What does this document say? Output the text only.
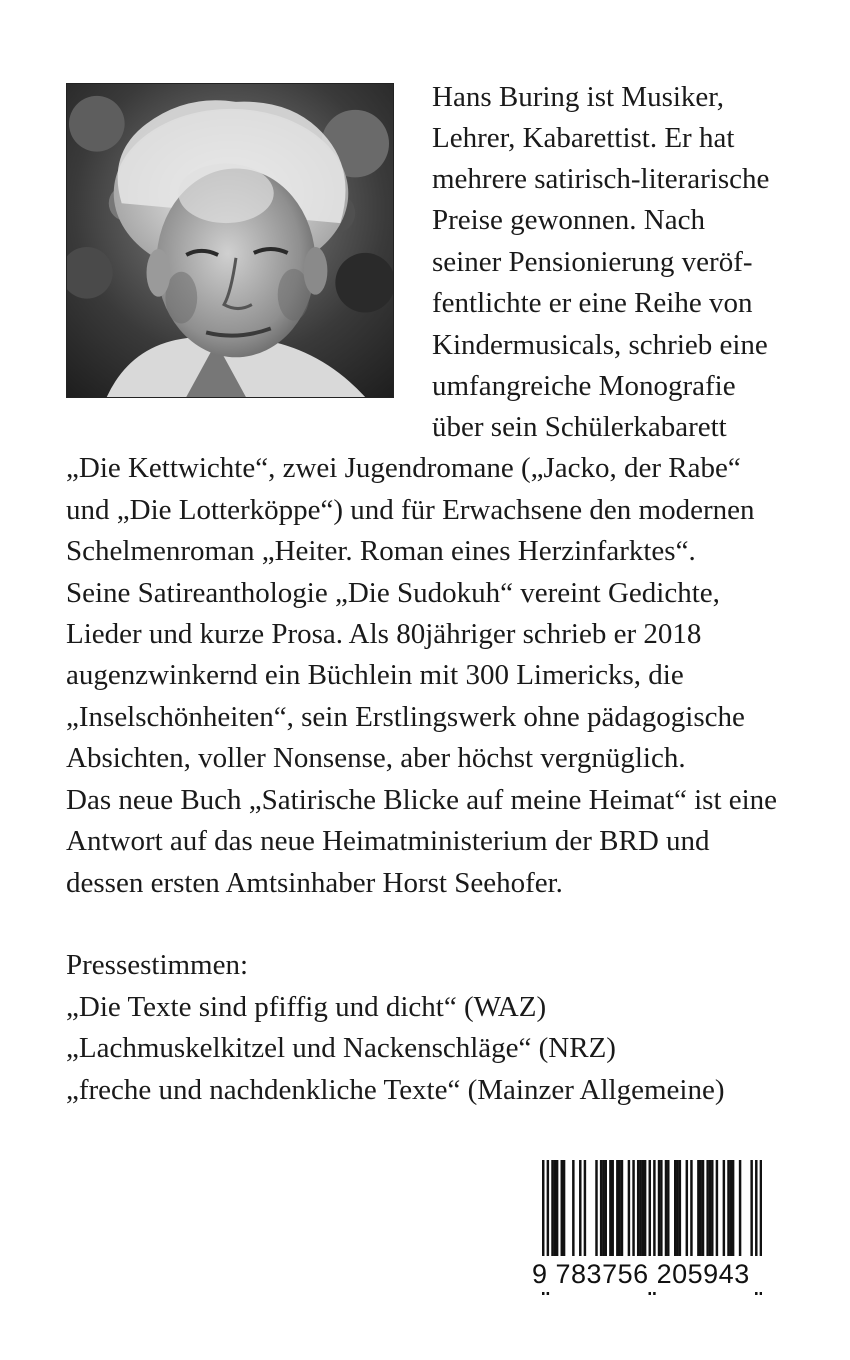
Hans Buring ist Musiker,
Lehrer, Kabarettist. Er hat
mehrere satirisch-literarische
Preise gewonnen. Nach
seiner Pensionierung veröf-
fentlichte er eine Reihe von
Kindermusicals, schrieb eine
umfangreiche Monografie
über sein Schülerkabarett
„Die Kettwichte“, zwei Jugendromane („Jacko, der Rabe“
und „Die Lotterköppe“) und für Erwachsene den modernen
Schelmenroman „Heiter. Roman eines Herzinfarktes“.
Seine Satireanthologie „Die Sudokuh“ vereint Gedichte,
Lieder und kurze Prosa. Als 80jähriger schrieb er 2018
augenzwinkernd ein Büchlein mit 300 Limericks, die
„Inselschönheiten“, sein Erstlingswerk ohne pädagogische
Absichten, voller Nonsense, aber höchst vergnüglich.
Das neue Buch „Satirische Blicke auf meine Heimat“ ist eine
Antwort auf das neue Heimatministerium der BRD und
dessen ersten Amtsinhaber Horst Seehofer.
Pressestimmen:
„Die Texte sind pfiffig und dicht“ (WAZ)
„Lachmuskelkitzel und Nackenschläge“ (NRZ)
„freche und nachdenkliche Texte“ (Mainzer Allgemeine)
9 783756 205943
